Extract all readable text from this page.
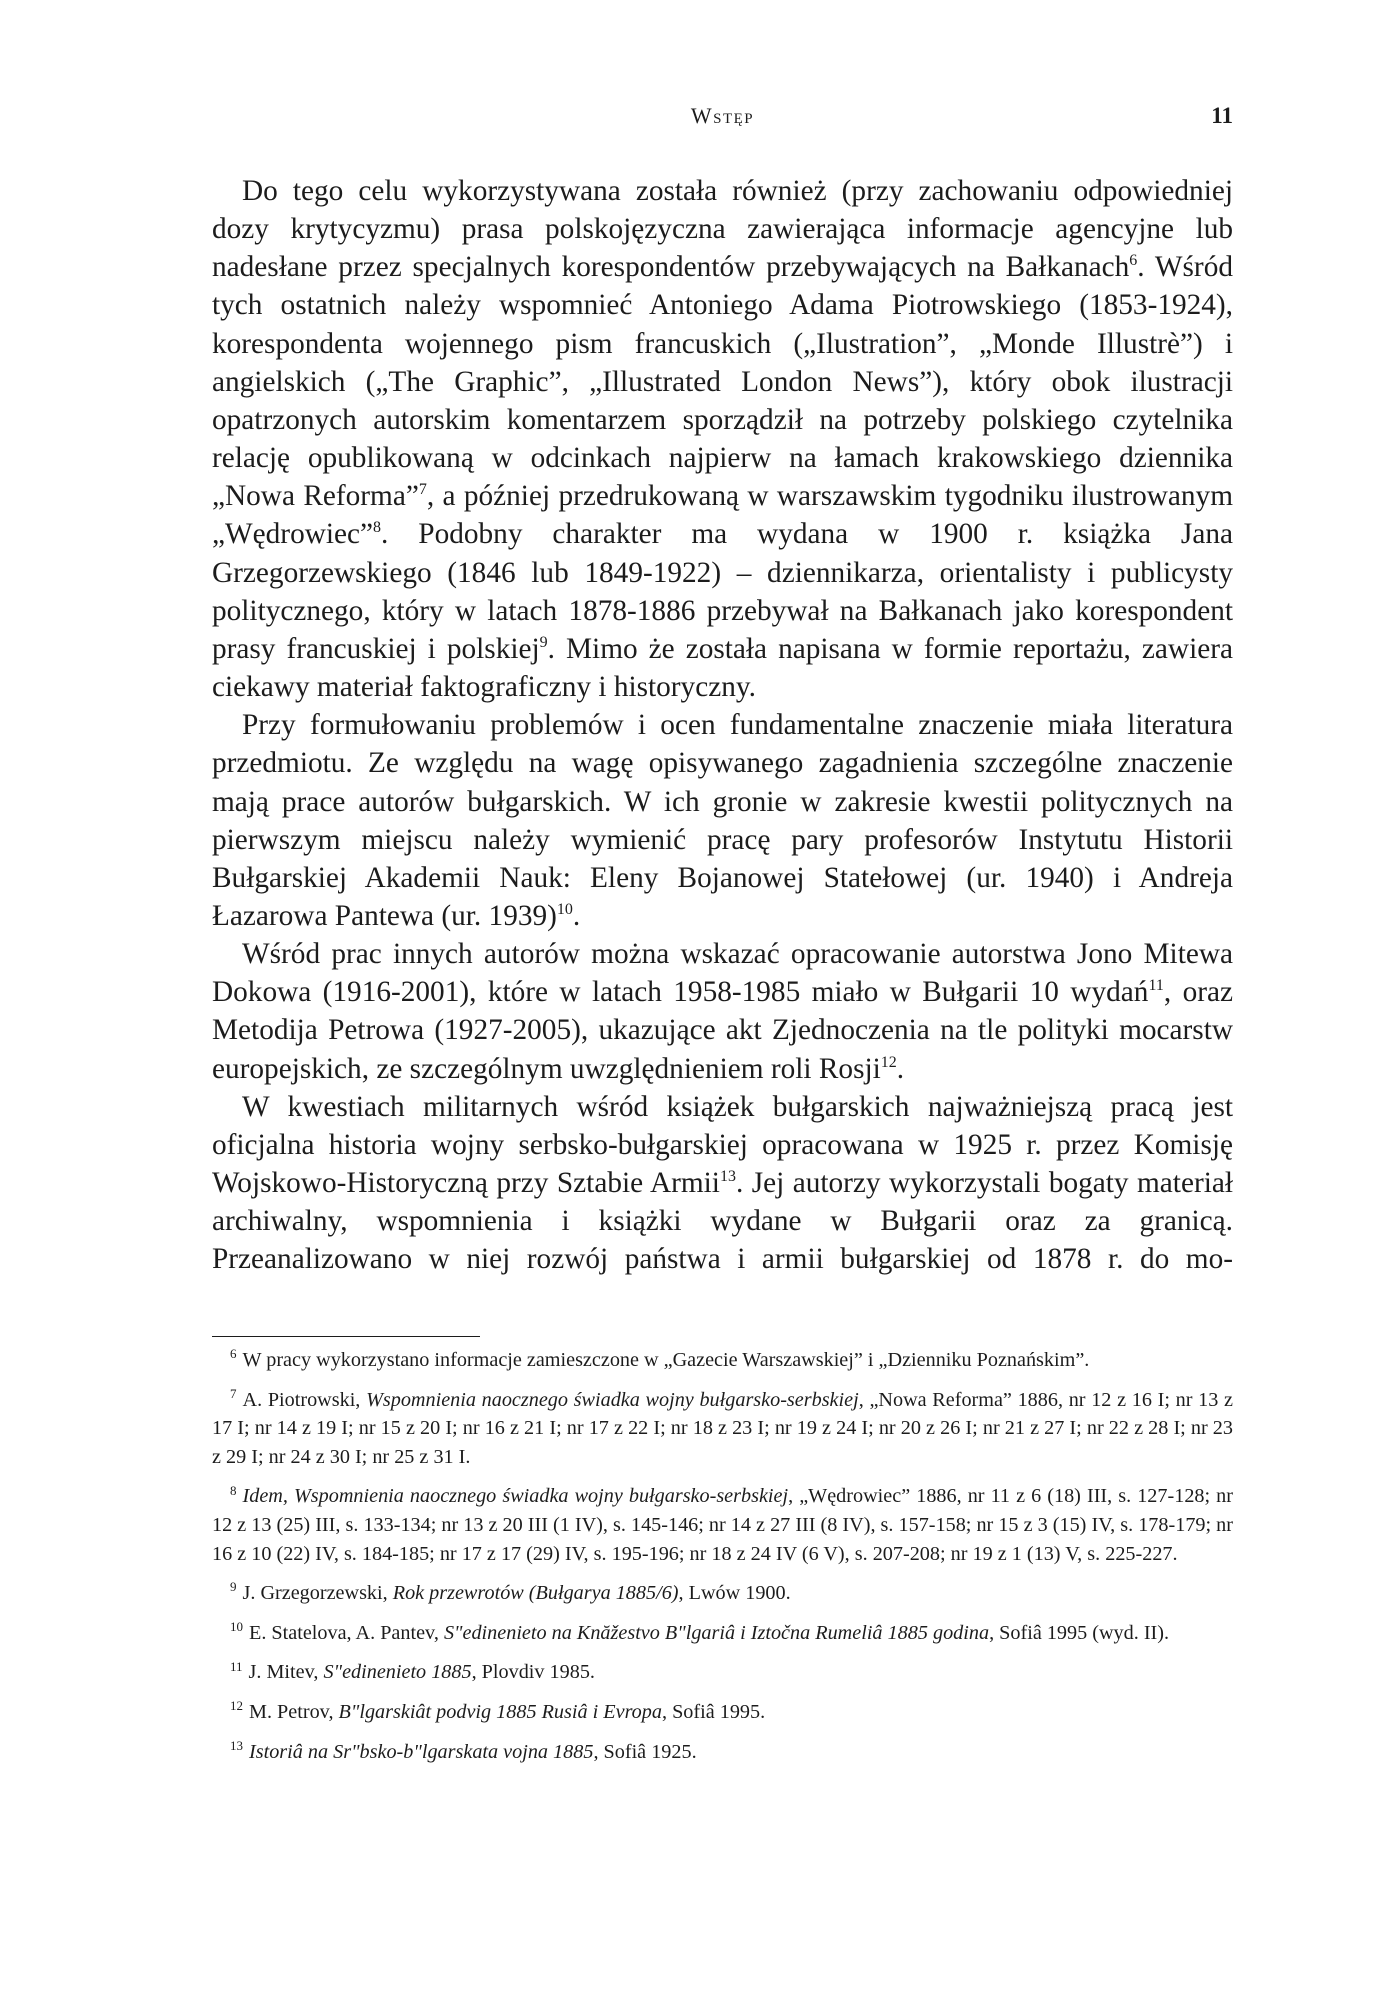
Wstęp	11

Do tego celu wykorzystywana została również (przy zachowaniu odpowiedniej dozy krytycyzmu) prasa polskojęzyczna zawierająca informacje agencyjne lub nadesłane przez specjalnych korespondentów przebywających na Bałkanach$^6$. Wśród tych ostatnich należy wspomnieć Antoniego Adama Piotrowskiego (1853-1924), korespondenta wojennego pism francuskich („Ilustration”, „Monde Illustrè”) i angielskich („The Graphic”, „Illustrated London News”), który obok ilustracji opatrzonych autorskim komentarzem sporządził na potrzeby polskiego czytelnika relację opublikowaną w odcinkach najpierw na łamach krakowskiego dziennika „Nowa Reforma”$^7$, a później przedrukowaną w warszawskim tygodniku ilustrowanym „Wędrowiec”$^8$. Podobny charakter ma wydana w 1900 r. książka Jana Grzegorzewskiego (1846 lub 1849-1922) – dziennikarza, orientalisty i publicysty politycznego, który w latach 1878-1886 przebywał na Bałkanach jako korespondent prasy francuskiej i polskiej$^9$. Mimo że została napisana w formie reportażu, zawiera ciekawy materiał faktograficzny i historyczny.

Przy formułowaniu problemów i ocen fundamentalne znaczenie miała literatura przedmiotu. Ze względu na wagę opisywanego zagadnienia szczególne znaczenie mają prace autorów bułgarskich. W ich gronie w zakresie kwestii politycznych na pierwszym miejscu należy wymienić pracę pary profesorów Instytutu Historii Bułgarskiej Akademii Nauk: Eleny Bojanowej Statełowej (ur. 1940) i Andreja Łazarowa Pantewa (ur. 1939)$^{10}$.

Wśród prac innych autorów można wskazać opracowanie autorstwa Jono Mitewa Dokowa (1916-2001), które w latach 1958-1985 miało w Bułgarii 10 wydań$^{11}$, oraz Metodija Petrowa (1927-2005), ukazujące akt Zjednoczenia na tle polityki mocarstw europejskich, ze szczególnym uwzględnieniem roli Rosji$^{12}$.

W kwestiach militarnych wśród książek bułgarskich najważniejszą pracą jest oficjalna historia wojny serbsko-bułgarskiej opracowana w 1925 r. przez Komisję Wojskowo-Historyczną przy Sztabie Armii$^{13}$. Jej autorzy wykorzystali bogaty materiał archiwalny, wspomnienia i książki wydane w Bułgarii oraz za granicą. Przeanalizowano w niej rozwój państwa i armii bułgarskiej od 1878 r. do mo-

$^6$ W pracy wykorzystano informacje zamieszczone w „Gazecie Warszawskiej” i „Dzienniku Poznańskim”.

$^7$ A. Piotrowski, Wspomnienia naocznego świadka wojny bułgarsko-serbskiej, „Nowa Reforma” 1886, nr 12 z 16 I; nr 13 z 17 I; nr 14 z 19 I; nr 15 z 20 I; nr 16 z 21 I; nr 17 z 22 I; nr 18 z 23 I; nr 19 z 24 I; nr 20 z 26 I; nr 21 z 27 I; nr 22 z 28 I; nr 23 z 29 I; nr 24 z 30 I; nr 25 z 31 I.

$^8$ Idem, Wspomnienia naocznego świadka wojny bułgarsko-serbskiej, „Wędrowiec” 1886, nr 11 z 6 (18) III, s. 127-128; nr 12 z 13 (25) III, s. 133-134; nr 13 z 20 III (1 IV), s. 145-146; nr 14 z 27 III (8 IV), s. 157-158; nr 15 z 3 (15) IV, s. 178-179; nr 16 z 10 (22) IV, s. 184-185; nr 17 z 17 (29) IV, s. 195-196; nr 18 z 24 IV (6 V), s. 207-208; nr 19 z 1 (13) V, s. 225-227.

$^9$ J. Grzegorzewski, Rok przewrotów (Bułgarya 1885/6), Lwów 1900.

$^{10}$ E. Statelova, A. Pantev, S"edinenieto na Knăžestvo B"lgariâ i Iztočna Rumeliâ 1885 godina, Sofiâ 1995 (wyd. II).

$^{11}$ J. Mitev, S"edinenieto 1885, Plovdiv 1985.

$^{12}$ M. Petrov, B"lgarskiât podvig 1885 Rusiâ i Evropa, Sofiâ 1995.

$^{13}$ Istoriâ na Sr"bsko-b"lgarskata vojna 1885, Sofiâ 1925.
